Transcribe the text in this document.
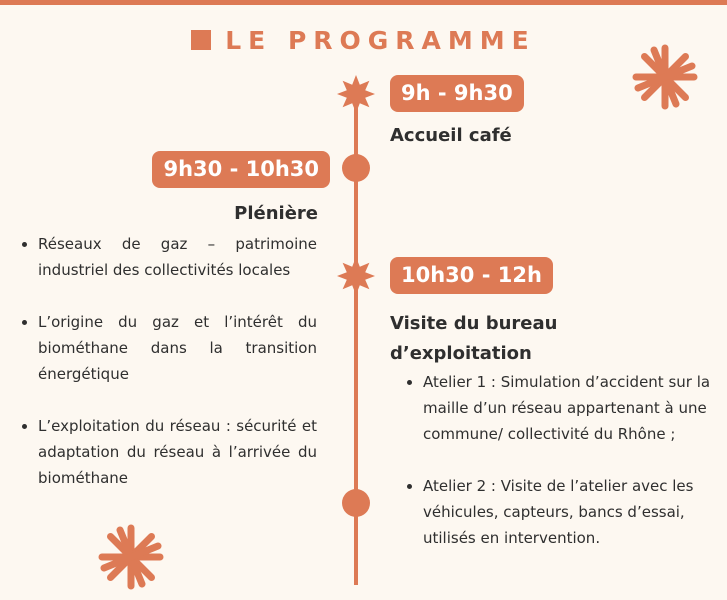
LE PROGRAMME
9h - 9h30
Accueil café
9h30 - 10h30
Plénière
Réseaux de gaz – patrimoine industriel des collectivités locales
L’origine du gaz et l’intérêt du biométhane dans la transition énergétique
L’exploitation du réseau : sécurité et adaptation du réseau à l’arrivée du biométhane
10h30 - 12h
Visite du bureau
d’exploitation
Atelier 1 : Simulation d’accident sur la maille d’un réseau appartenant à une commune/ collectivité du Rhône ;
Atelier 2 : Visite de l’atelier avec les véhicules, capteurs, bancs d’essai, utilisés en intervention.
